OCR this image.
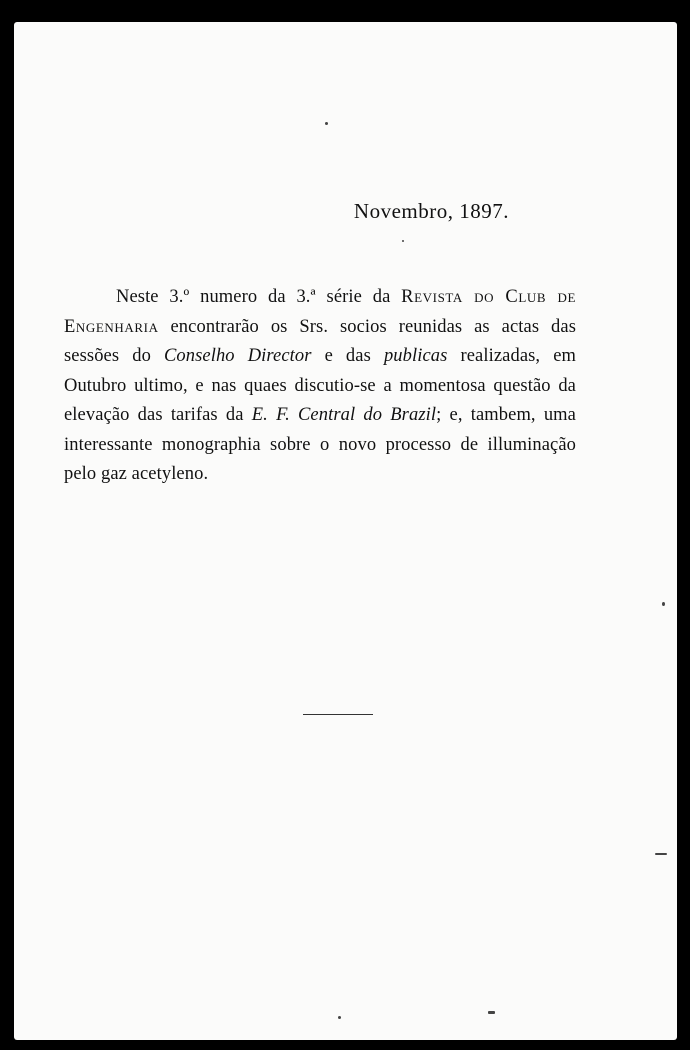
Novembro, 1897.

Neste 3.º numero da 3.ª série da Revista do Club de Engenharia encontrarão os Srs. socios reunidas as actas das sessões do Conselho Director e das publicas realizadas, em Outubro ultimo, e nas quaes discutio-se a momentosa questão da elevação das tarifas da E. F. Central do Brazil; e, tambem, uma interessante monographia sobre o novo processo de illuminação pelo gaz acetyleno.
